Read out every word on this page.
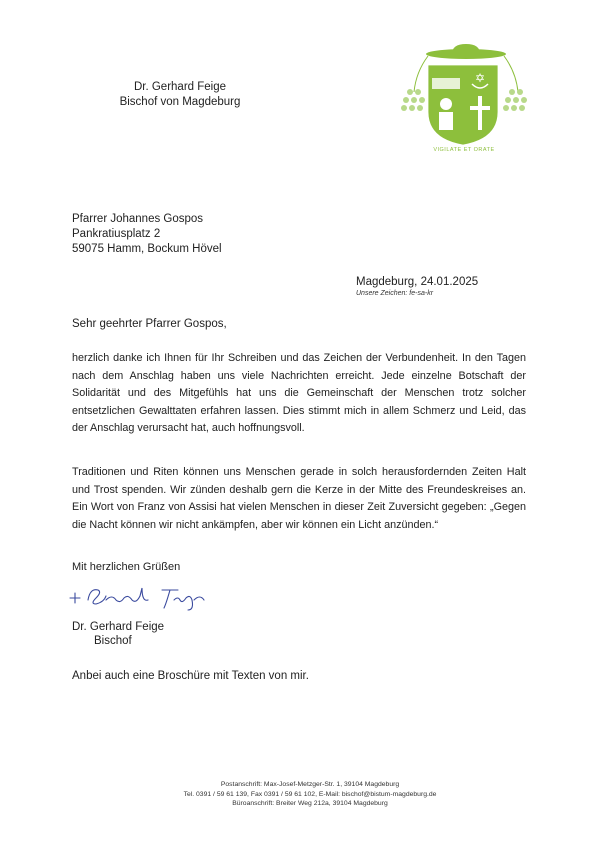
Dr. Gerhard Feige
Bischof von Magdeburg
✡
VIGILATE ET ORATE
Pfarrer Johannes Gospos
Pankratiusplatz 2
59075 Hamm, Bockum Hövel
Magdeburg, 24.01.2025
Unsere Zeichen: fe-sa-kr
Sehr geehrter Pfarrer Gospos,
herzlich danke ich Ihnen für Ihr Schreiben und das Zeichen der Verbundenheit. In den Tagen nach dem Anschlag haben uns viele Nachrichten erreicht. Jede einzelne Botschaft der Solidarität und des Mitgefühls hat uns die Gemeinschaft der Menschen trotz solcher entsetzlichen Gewalttaten erfahren lassen. Dies stimmt mich in allem Schmerz und Leid, das der Anschlag verursacht hat, auch hoffnungsvoll.
Traditionen und Riten können uns Menschen gerade in solch herausfordernden Zeiten Halt und Trost spenden. Wir zünden deshalb gern die Kerze in der Mitte des Freundeskreises an. Ein Wort von Franz von Assisi hat vielen Menschen in dieser Zeit Zuversicht gegeben: „Gegen die Nacht können wir nicht ankämpfen, aber wir können ein Licht anzünden.“
Mit herzlichen Grüßen
Dr. Gerhard Feige
Bischof
Anbei auch eine Broschüre mit Texten von mir.
Postanschrift: Max-Josef-Metzger-Str. 1, 39104 Magdeburg
Tel. 0391 / 59 61 139, Fax 0391 / 59 61 102, E-Mail: bischof@bistum-magdeburg.de
Büroanschrift: Breiter Weg 212a, 39104 Magdeburg
